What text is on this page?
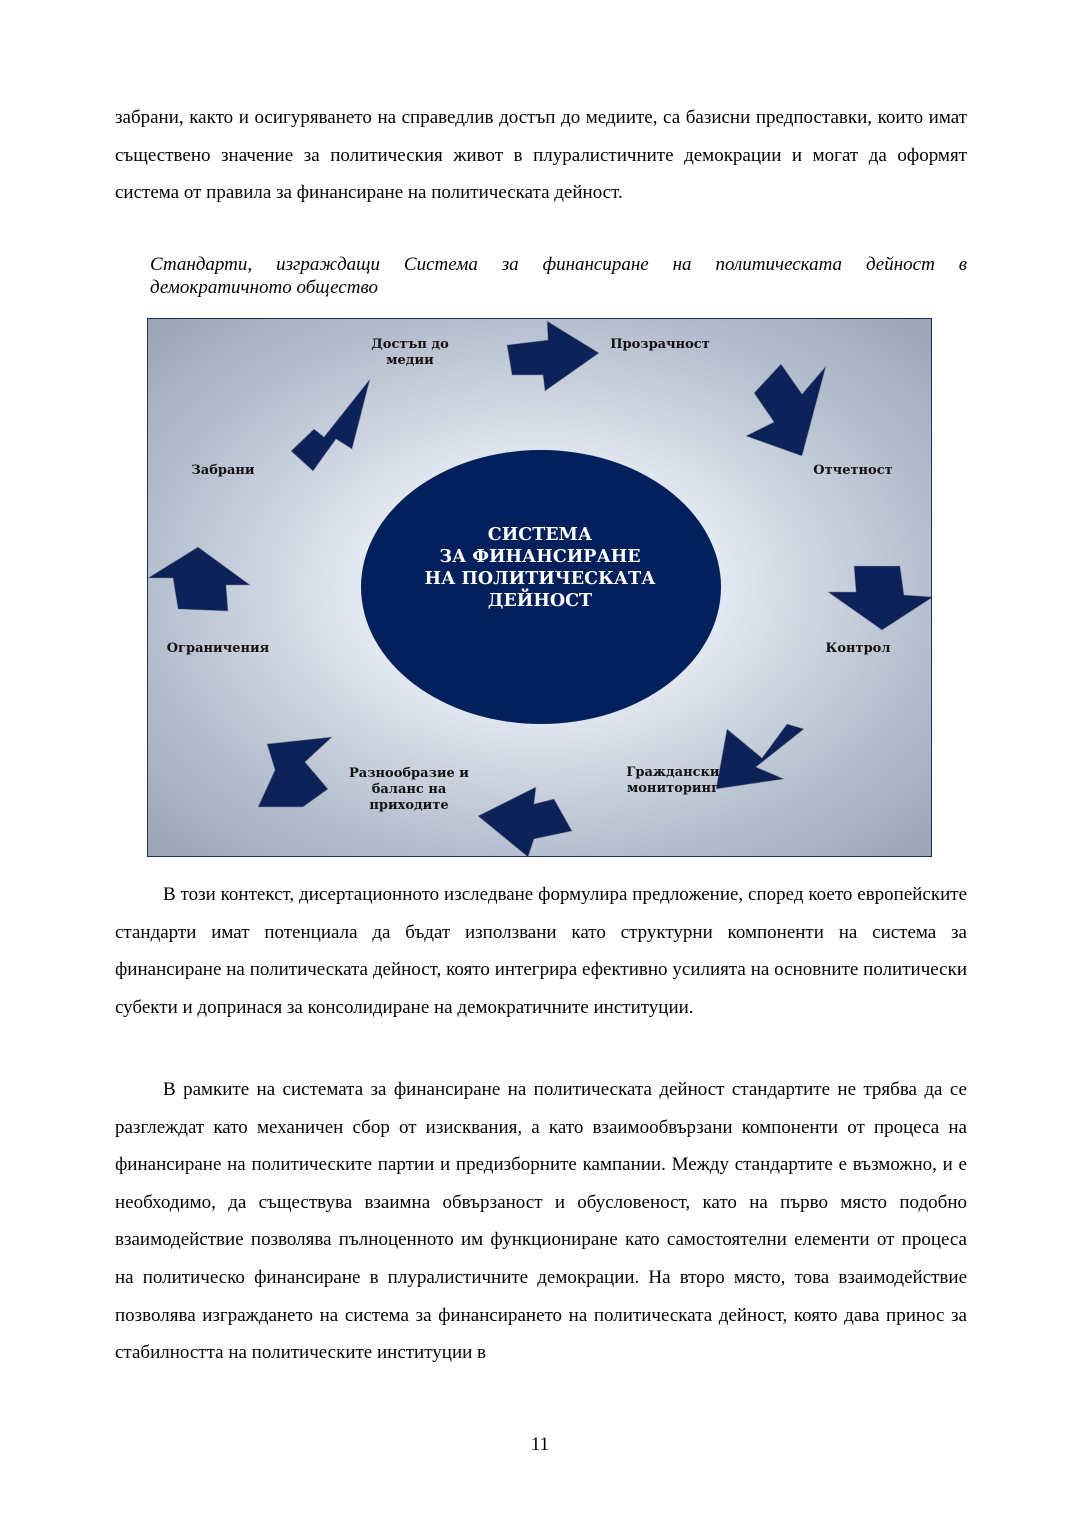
забрани, както и осигуряването на справедлив достъп до медиите, са базисни предпоставки, които имат съществено значение за политическия живот в плуралистичните демокрации и могат да оформят система от правила за финансиране на политическата дейност.

Стандарти, изграждащи Система за финансиране на политическата дейност в
демократичното общество

СИСТЕМА
ЗА ФИНАНСИРАНЕ
НА ПОЛИТИЧЕСКАТА
ДЕЙНОСТ
Достъп до медии
Прозрачност
Отчетност
Контрол
Граждански мониторинг
Разнообразие и баланс на приходите
Ограничения
Забрани

В този контекст, дисертационното изследване формулира предложение, според което европейските стандарти имат потенциала да бъдат използвани като структурни компоненти на система за финансиране на политическата дейност, която интегрира ефективно усилията на основните политически субекти и допринася за консолидиране на демократичните институции.

В рамките на системата за финансиране на политическата дейност стандартите не трябва да се разглеждат като механичен сбор от изисквания, а като взаимообвързани компоненти от процеса на финансиране на политическите партии и предизборните кампании. Между стандартите е възможно, и е необходимо, да съществува взаимна обвързаност и обусловеност, като на първо място подобно взаимодействие позволява пълноценното им функциониране като самостоятелни елементи от процеса на политическо финансиране в плуралистичните демокрации. На второ място, това взаимодействие позволява изграждането на система за финансирането на политическата дейност, която дава принос за стабилността на политическите институции в

11
